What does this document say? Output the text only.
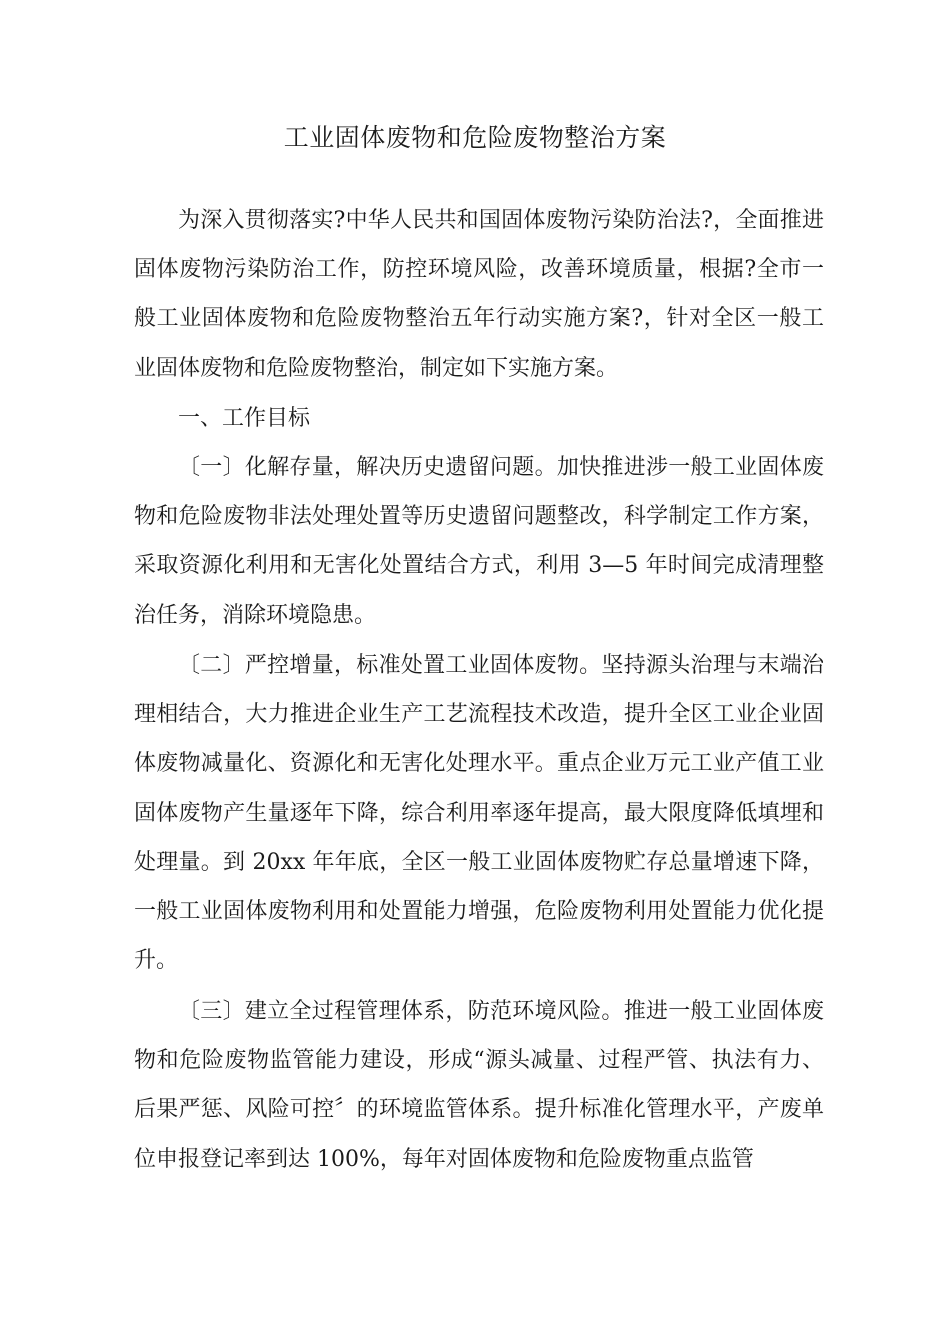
工业固体废物和危险废物整治方案

为深入贯彻落实?中华人民共和国固体废物污染防治法?，全面推进固体废物污染防治工作，防控环境风险，改善环境质量，根据?全市一般工业固体废物和危险废物整治五年行动实施方案?，针对全区一般工业固体废物和危险废物整治，制定如下实施方案。

一、工作目标

〔一〕化解存量，解决历史遗留问题。加快推进涉一般工业固体废物和危险废物非法处理处置等历史遗留问题整改，科学制定工作方案，采取资源化利用和无害化处置结合方式，利用 3—5 年时间完成清理整治任务，消除环境隐患。

〔二〕严控增量，标准处置工业固体废物。坚持源头治理与末端治理相结合，大力推进企业生产工艺流程技术改造，提升全区工业企业固体废物减量化、资源化和无害化处理水平。重点企业万元工业产值工业固体废物产生量逐年下降，综合利用率逐年提高，最大限度降低填埋和处理量。到 20xx 年年底，全区一般工业固体废物贮存总量增速下降，一般工业固体废物利用和处置能力增强，危险废物利用处置能力优化提升。

〔三〕建立全过程管理体系，防范环境风险。推进一般工业固体废物和危险废物监管能力建设，形成“源头减量、过程严管、执法有力、后果严惩、风险可控〞的环境监管体系。提升标准化管理水平，产废单位申报登记率到达 100%，每年对固体废物和危险废物重点监管
